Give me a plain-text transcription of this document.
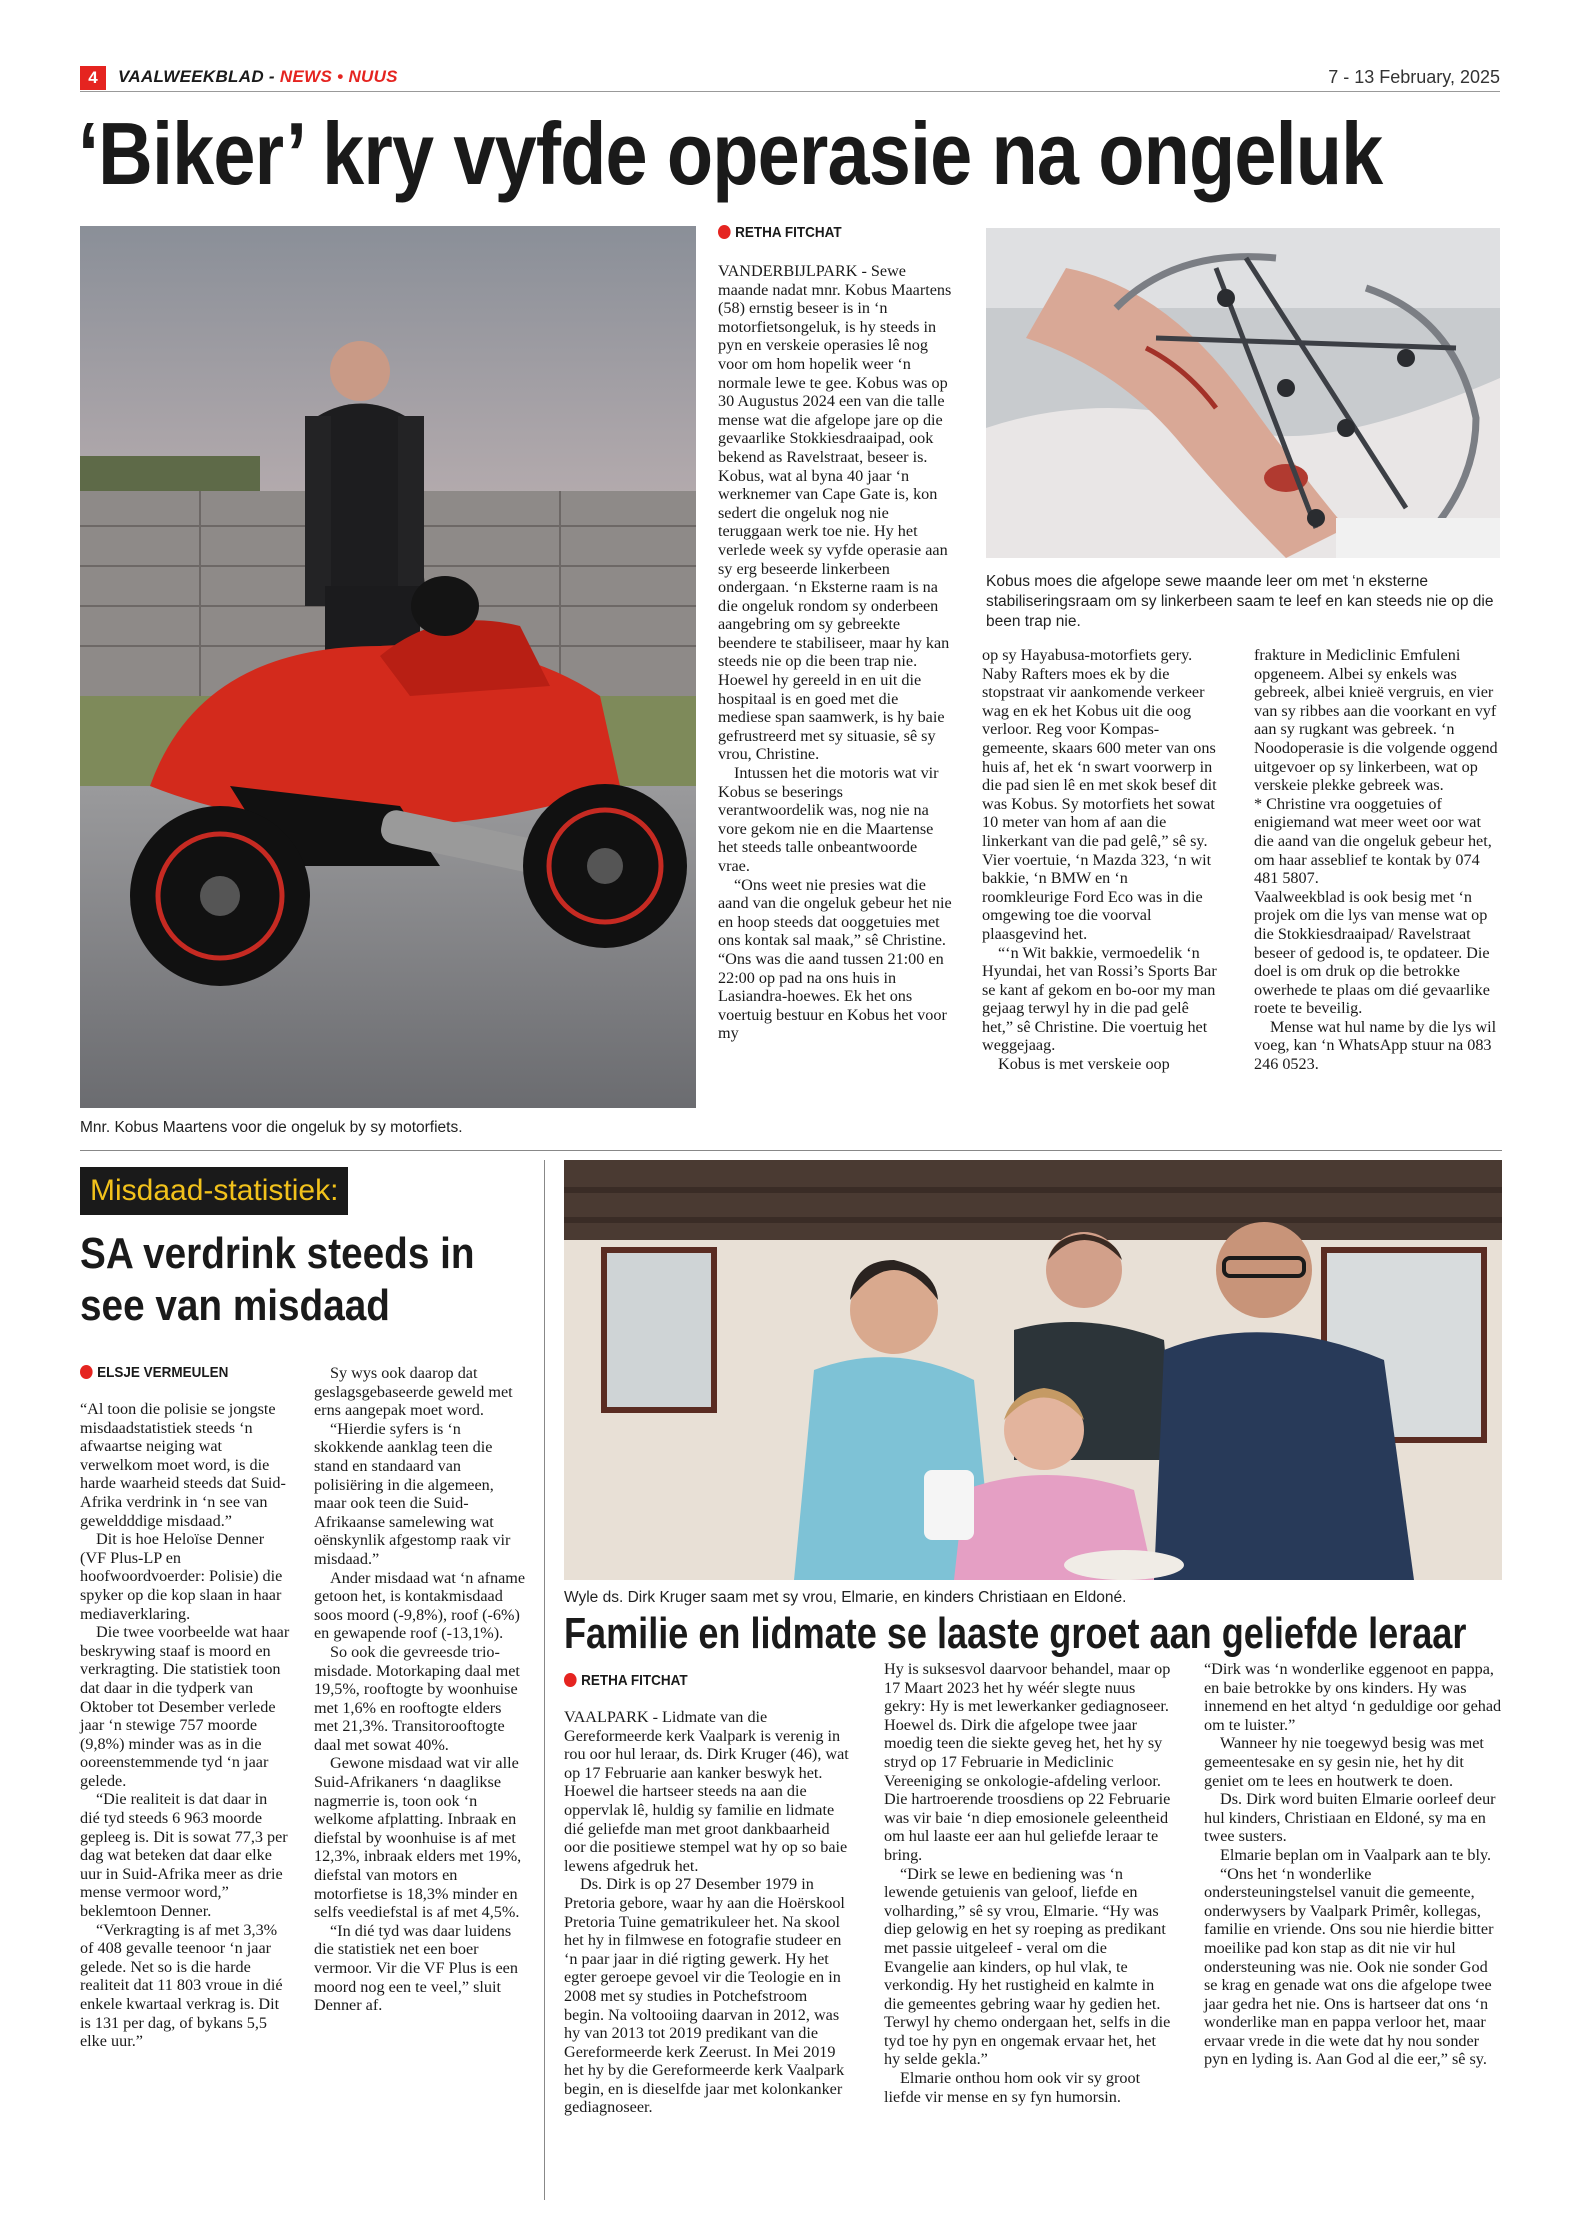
4	VAALWEEKBLAD - NEWS • NUUS	7 - 13 February, 2025
‘Biker’ kry vyfde operasie na ongeluk
Mnr. Kobus Maartens voor die ongeluk by sy motorfiets.
RETHA FITCHAT

VANDERBIJLPARK - Sewe maande nadat mnr. Kobus Maartens (58) ernstig beseer is in ‘n motorfietsongeluk, is hy steeds in pyn en verskeie operasies lê nog voor om hom hopelik weer ‘n normale lewe te gee. Kobus was op 30 Augustus 2024 een van die talle mense wat die afgelope jare op die gevaarlike Stokkiesdraaipad, ook bekend as Ravelstraat, beseer is. Kobus, wat al byna 40 jaar ‘n werknemer van Cape Gate is, kon sedert die ongeluk nog nie teruggaan werk toe nie. Hy het verlede week sy vyfde operasie aan sy erg beseerde linkerbeen ondergaan. ‘n Eksterne raam is na die ongeluk rondom sy onderbeen aangebring om sy gebreekte beendere te stabiliseer, maar hy kan steeds nie op die been trap nie. Hoewel hy gereeld in en uit die hospitaal is en goed met die mediese span saamwerk, is hy baie gefrustreerd met sy situasie, sê sy vrou, Christine.

Intussen het die motoris wat vir Kobus se beserings verantwoordelik was, nog nie na vore gekom nie en die Maartense het steeds talle onbeantwoorde vrae.

“Ons weet nie presies wat die aand van die ongeluk gebeur het nie en hoop steeds dat ooggetuies met ons kontak sal maak,” sê Christine. “Ons was die aand tussen 21:00 en 22:00 op pad na ons huis in Lasiandra-hoewes. Ek het ons voertuig bestuur en Kobus het voor my

Kobus moes die afgelope sewe maande leer om met ‘n eksterne stabiliseringsraam om sy linkerbeen saam te leef en kan steeds nie op die been trap nie.

op sy Hayabusa-motorfiets gery. Naby Rafters moes ek by die stopstraat vir aankomende verkeer wag en ek het Kobus uit die oog verloor. Reg voor Kompas-gemeente, skaars 600 meter van ons huis af, het ek ‘n swart voorwerp in die pad sien lê en met skok besef dit was Kobus. Sy motorfiets het sowat 10 meter van hom af aan die linkerkant van die pad gelê,” sê sy. Vier voertuie, ‘n Mazda 323, ‘n wit bakkie, ‘n BMW en ‘n roomkleurige Ford Eco was in die omgewing toe die voorval plaasgevind het.

“‘n Wit bakkie, vermoedelik ‘n Hyundai, het van Rossi’s Sports Bar se kant af gekom en bo-oor my man gejaag terwyl hy in die pad gelê het,” sê Christine. Die voertuig het weggejaag.

Kobus is met verskeie oop

frakture in Mediclinic Emfuleni opgeneem. Albei sy enkels was gebreek, albei knieë vergruis, en vier van sy ribbes aan die voorkant en vyf aan sy rugkant was gebreek. ‘n Noodoperasie is die volgende oggend uitgevoer op sy linkerbeen, wat op verskeie plekke gebreek was.

* Christine vra ooggetuies of enigiemand wat meer weet oor wat die aand van die ongeluk gebeur het, om haar asseblief te kontak by 074 481 5807.

Vaalweekblad is ook besig met ‘n projek om die lys van mense wat op die Stokkiesdraaipad/ Ravelstraat beseer of gedood is, te opdateer. Die doel is om druk op die betrokke owerhede te plaas om dié gevaarlike roete te beveilig.

Mense wat hul name by die lys wil voeg, kan ‘n WhatsApp stuur na 083 246 0523.

Misdaad-statistiek:
SA verdrink steeds in see van misdaad
ELSJE VERMEULEN

“Al toon die polisie se jongste misdaadstatistiek steeds ‘n afwaartse neiging wat verwelkom moet word, is die harde waarheid steeds dat Suid-Afrika verdrink in ‘n see van geweldddige misdaad.”

Dit is hoe Heloïse Denner (VF Plus-LP en hoofwoordvoerder: Polisie) die spyker op die kop slaan in haar mediaverklaring.

Die twee voorbeelde wat haar beskrywing staaf is moord en verkragting. Die statistiek toon dat daar in die tydperk van Oktober tot Desember verlede jaar ‘n stewige 757 moorde (9,8%) minder was as in die ooreenstemmende tyd ‘n jaar gelede.

“Die realiteit is dat daar in dié tyd steeds 6 963 moorde gepleeg is. Dit is sowat 77,3 per dag wat beteken dat daar elke uur in Suid-Afrika meer as drie mense vermoor word,” beklemtoon Denner.

“Verkragting is af met 3,3% of 408 gevalle teenoor ‘n jaar gelede. Net so is die harde realiteit dat 11 803 vroue in dié enkele kwartaal verkrag is. Dit is 131 per dag, of bykans 5,5 elke uur.”

Sy wys ook daarop dat geslagsgebaseerde geweld met erns aangepak moet word.

“Hierdie syfers is ‘n skokkende aanklag teen die stand en standaard van polisiëring in die algemeen, maar ook teen die Suid-Afrikaanse samelewing wat oënskynlik afgestomp raak vir misdaad.”

Ander misdaad wat ‘n afname getoon het, is kontakmisdaad soos moord (-9,8%), roof (-6%) en gewapende roof (-13,1%).

So ook die gevreesde trio-misdade. Motorkaping daal met 19,5%, rooftogte by woonhuise met 1,6% en rooftogte elders met 21,3%. Transitorooftogte daal met sowat 40%.

Gewone misdaad wat vir alle Suid-Afrikaners ‘n daaglikse nagmerrie is, toon ook ‘n welkome afplatting. Inbraak en diefstal by woonhuise is af met 12,3%, inbraak elders met 19%, diefstal van motors en motorfietse is 18,3% minder en selfs veediefstal is af met 4,5%.

“In dié tyd was daar luidens die statistiek net een boer vermoor. Vir die VF Plus is een moord nog een te veel,” sluit Denner af.

Wyle ds. Dirk Kruger saam met sy vrou, Elmarie, en kinders Christiaan en Eldoné.
Familie en lidmate se laaste groet aan geliefde leraar
RETHA FITCHAT

VAALPARK - Lidmate van die Gereformeerde kerk Vaalpark is verenig in rou oor hul leraar, ds. Dirk Kruger (46), wat op 17 Februarie aan kanker beswyk het. Hoewel die hartseer steeds na aan die oppervlak lê, huldig sy familie en lidmate dié geliefde man met groot dankbaarheid oor die positiewe stempel wat hy op so baie lewens afgedruk het.

Ds. Dirk is op 27 Desember 1979 in Pretoria gebore, waar hy aan die Hoërskool Pretoria Tuine gematrikuleer het. Na skool het hy in filmwese en fotografie studeer en ‘n paar jaar in dié rigting gewerk. Hy het egter geroepe gevoel vir die Teologie en in 2008 met sy studies in Potchefstroom begin. Na voltooiing daarvan in 2012, was hy van 2013 tot 2019 predikant van die Gereformeerde kerk Zeerust. In Mei 2019 het hy by die Gereformeerde kerk Vaalpark begin, en is dieselfde jaar met kolonkanker gediagnoseer.

Hy is suksesvol daarvoor behandel, maar op 17 Maart 2023 het hy wéér slegte nuus gekry: Hy is met lewerkanker gediagnoseer. Hoewel ds. Dirk die afgelope twee jaar moedig teen die siekte geveg het, het hy sy stryd op 17 Februarie in Mediclinic Vereeniging se onkologie-afdeling verloor. Die hartroerende troosdiens op 22 Februarie was vir baie ‘n diep emosionele geleentheid om hul laaste eer aan hul geliefde leraar te bring.

“Dirk se lewe en bediening was ‘n lewende getuienis van geloof, liefde en volharding,” sê sy vrou, Elmarie. “Hy was diep gelowig en het sy roeping as predikant met passie uitgeleef - veral om die Evangelie aan kinders, op hul vlak, te verkondig. Hy het rustigheid en kalmte in die gemeentes gebring waar hy gedien het. Terwyl hy chemo ondergaan het, selfs in die tyd toe hy pyn en ongemak ervaar het, het hy selde gekla.”

Elmarie onthou hom ook vir sy groot liefde vir mense en sy fyn humorsin.

“Dirk was ‘n wonderlike eggenoot en pappa, en baie betrokke by ons kinders. Hy was innemend en het altyd ‘n geduldige oor gehad om te luister.”

Wanneer hy nie toegewyd besig was met gemeentesake en sy gesin nie, het hy dit geniet om te lees en houtwerk te doen.

Ds. Dirk word buiten Elmarie oorleef deur hul kinders, Christiaan en Eldoné, sy ma en twee susters.

Elmarie beplan om in Vaalpark aan te bly.

“Ons het ‘n wonderlike ondersteuningstelsel vanuit die gemeente, onderwysers by Vaalpark Primêr, kollegas, familie en vriende. Ons sou nie hierdie bitter moeilike pad kon stap as dit nie vir hul ondersteuning was nie. Ook nie sonder God se krag en genade wat ons die afgelope twee jaar gedra het nie. Ons is hartseer dat ons ‘n wonderlike man en pappa verloor het, maar ervaar vrede in die wete dat hy nou sonder pyn en lyding is. Aan God al die eer,” sê sy.
